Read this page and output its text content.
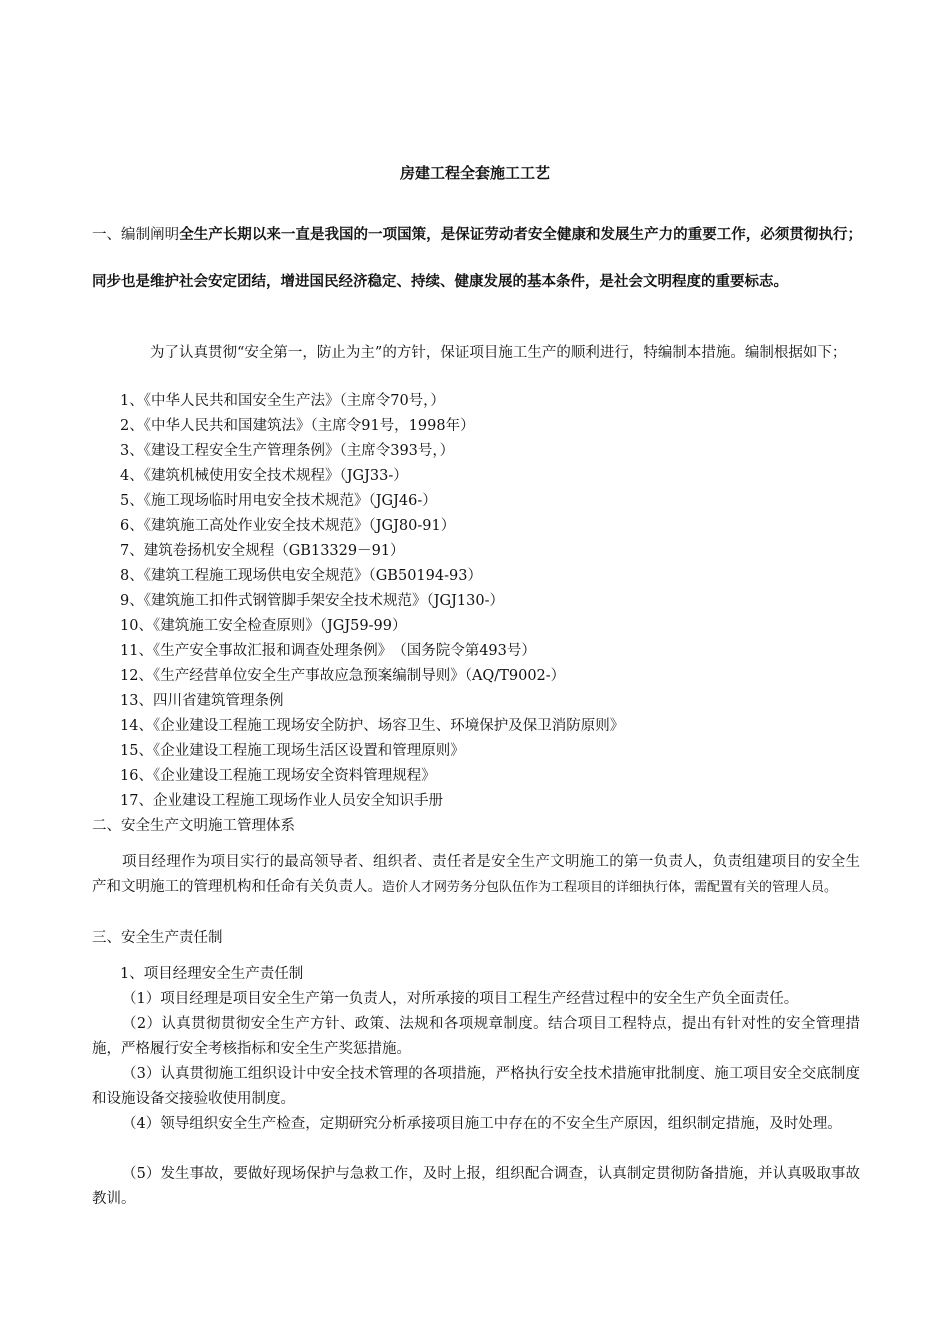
房建工程全套施工工艺
一、编制阐明全生产长期以来一直是我国的一项国策，是保证劳动者安全健康和发展生产力的重要工作，必须贯彻执行；同步也是维护社会安定团结，增进国民经济稳定、持续、健康发展的基本条件，是社会文明程度的重要标志。
为了认真贯彻“安全第一，防止为主”的方针，保证项目施工生产的顺利进行，特编制本措施。编制根据如下；
1、《中华人民共和国安全生产法》（主席令70号，）
2、《中华人民共和国建筑法》（主席令91号，1998年）
3、《建设工程安全生产管理条例》（主席令393号，）
4、《建筑机械使用安全技术规程》（JGJ33-）
5、《施工现场临时用电安全技术规范》（JGJ46-）
6、《建筑施工高处作业安全技术规范》（JGJ80-91）
7、建筑卷扬机安全规程（GB13329－91）
8、《建筑工程施工现场供电安全规范》（GB50194-93）
9、《建筑施工扣件式钢管脚手架安全技术规范》（JGJ130-）
10、《建筑施工安全检查原则》（JGJ59-99）
11、《生产安全事故汇报和调查处理条例》　（国务院令第493号）
12、《生产经营单位安全生产事故应急预案编制导则》（AQ/T9002-）
13、四川省建筑管理条例
14、《企业建设工程施工现场安全防护、场容卫生、环境保护及保卫消防原则》
15、《企业建设工程施工现场生活区设置和管理原则》
16、《企业建设工程施工现场安全资料管理规程》
17、企业建设工程施工现场作业人员安全知识手册
二、安全生产文明施工管理体系
项目经理作为项目实行的最高领导者、组织者、责任者是安全生产文明施工的第一负责人，负责组建项目的安全生产和文明施工的管理机构和任命有关负责人。造价人才网劳务分包队伍作为工程项目的详细执行体，需配置有关的管理人员。
三、安全生产责任制
1、项目经理安全生产责任制
（1）项目经理是项目安全生产第一负责人，对所承接的项目工程生产经营过程中的安全生产负全面责任。
（2）认真贯彻贯彻安全生产方针、政策、法规和各项规章制度。结合项目工程特点，提出有针对性的安全管理措施，严格履行安全考核指标和安全生产奖惩措施。
（3）认真贯彻施工组织设计中安全技术管理的各项措施，严格执行安全技术措施审批制度、施工项目安全交底制度和设施设备交接验收使用制度。
（4）领导组织安全生产检查，定期研究分析承接项目施工中存在的不安全生产原因，组织制定措施，及时处理。
（5）发生事故，要做好现场保护与急救工作，及时上报，组织配合调查，认真制定贯彻防备措施，并认真吸取事故教训。
